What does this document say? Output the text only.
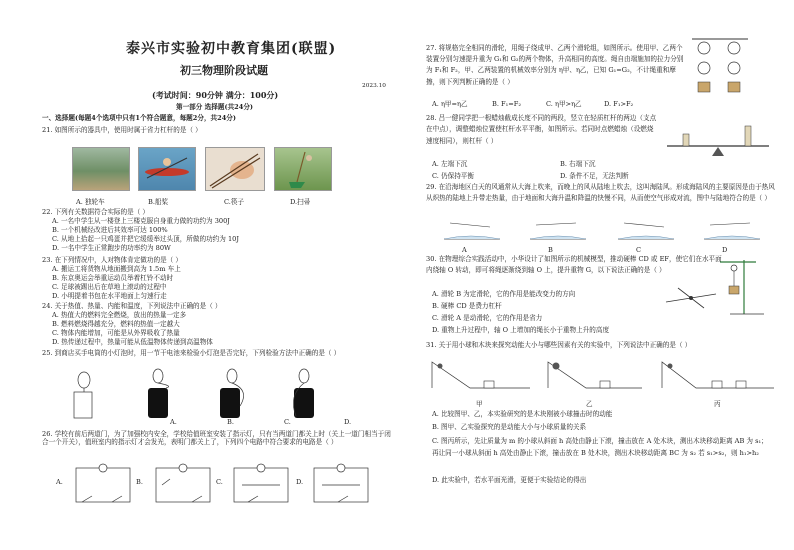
泰兴市实验初中教育集团(联盟)
初三物理阶段试题
2023.10
(考试时间：90分钟 满分：100分)
第一部分 选择题(共24分)
一、选择题(每题4个选项中只有1个符合题意，每题2分，共24分)
21. 如图所示的器具中，使用时属于省力杠杆的是（ ）
A. 独轮车	B.船桨	C.筷子	D.扫帚
22. 下列有关数据符合实际的是（ ）
A. 一名中学生从一楼登上三楼克服自身重力做的功约为 300J
B. 一个机械经改进后其效率可达 100%
C. 从地上拾起一只鸡蛋并把它缓缓举过头顶，所做的功约为 10J
D. 一名中学生正常跑步的功率约为 80W
23. 在下列情况中，人对物体肯定做功的是（ ）
A. 搬运工将货物从地面搬到高为 1.5m 车上
B. 东京奥运会举重运动员举着杠铃不动时
C. 足球被踢出后在草地上滚动的过程中
D. 小明提着书包在水平地面上匀速行走
24. 关于热值、热量、内能和温度，下列说法中正确的是（ ）
A. 热值大的燃料完全燃烧，放出的热量一定多
B. 燃料燃烧得越充分，燃料的热值一定越大
C. 物体内能增加，可能是从外界吸收了热量
D. 热传递过程中，热量可能从低温物体传递到高温物体
25. 到商店买手电筒的小灯泡时，用一节干电池来检验小灯泡是否完好，下列检验方法中正确的是（ ）
A.	B.	C.	D.
26. 学校有前后两道门，为了加强校内安全，学校给值班室安装了指示灯，只有当两道门都关上时（关上一道门相当于闭合一个开关），值班室内的指示灯才会发光，表明门都关上了，下列四个电路中符合要求的电路是（ ）
A.	B.	C.	D.
27. 将规格完全相同的滑轮，用绳子绕成甲、乙两个滑轮组，如图所示。使用甲、乙两个装置分别匀速提升重为 G₁和 G₂的两个物体，升高相同的高度。绳自由端施加的拉力分别为 F₁和 F₂，甲、乙两装置的机械效率分别为 η甲、η乙，已知 G₁=G₂，不计绳重和摩擦，则下列判断正确的是（ ）
A. η甲=η乙	B. F₁=F₂	C. η甲>η乙	D. F₁>F₂
28. 吕一健同学把一根蜡烛截成长度不同的两段，竖立在轻质杠杆的两边（支点在中点），调整蜡烛位置使杠杆水平平衡，如图所示。若同时点燃蜡烛（设燃烧速度相同），则杠杆（ ）
A. 左端下沉	B. 右端下沉
C. 仍保持平衡	D. 条件不足，无法判断
29. 在沿海地区白天的风通常从大海上吹来，而晚上的风从陆地上吹去，这叫海陆风。形成海陆风的主要原因是由于热风从炽热的陆地上升带走热量，由于地面和大海升温和降温的快慢不同，从而使空气形成对流，图中与陆地符合的是（ ）
A	B	C	D
30. 在物理综合实践活动中，小华设计了如图所示的机械模型，推动硬棒 CD 或 EF，使它们在水平面内绕轴 O 转动，即可将绳逐渐绕到轴 O 上，提升重物 G，以下说法正确的是（ ）
A. 滑轮 B 为定滑轮，它的作用是能改变力的方向
B. 硬棒 CD 是费力杠杆
C. 滑轮 A 是动滑轮，它的作用是省力
D. 重物上升过程中，轴 O 上增加的绳长小于重物上升的高度
31. 关于用小球和木块来探究动能大小与哪些因素有关的实验中，下列说法中正确的是（ ）
甲	乙	丙
A. 比较图甲、乙，本实验研究的是木块刚被小球撞击时的动能
B. 图甲、乙实验探究的是动能大小与小球质量的关系
C. 图丙所示，先让质量为 m 的小球从斜面 h 高处由静止下滚，撞击放在 A 处木块，测出木块移动距离 AB 为 s₁；再让同一小球从斜面 h 高处由静止下滚，撞击放在 B 处木块，测出木块移动距离 BC 为 s₂ 若 s₁>s₂，则 h₁>h₂
D. 此实验中，若水平面光滑，更便于实验结论的得出
